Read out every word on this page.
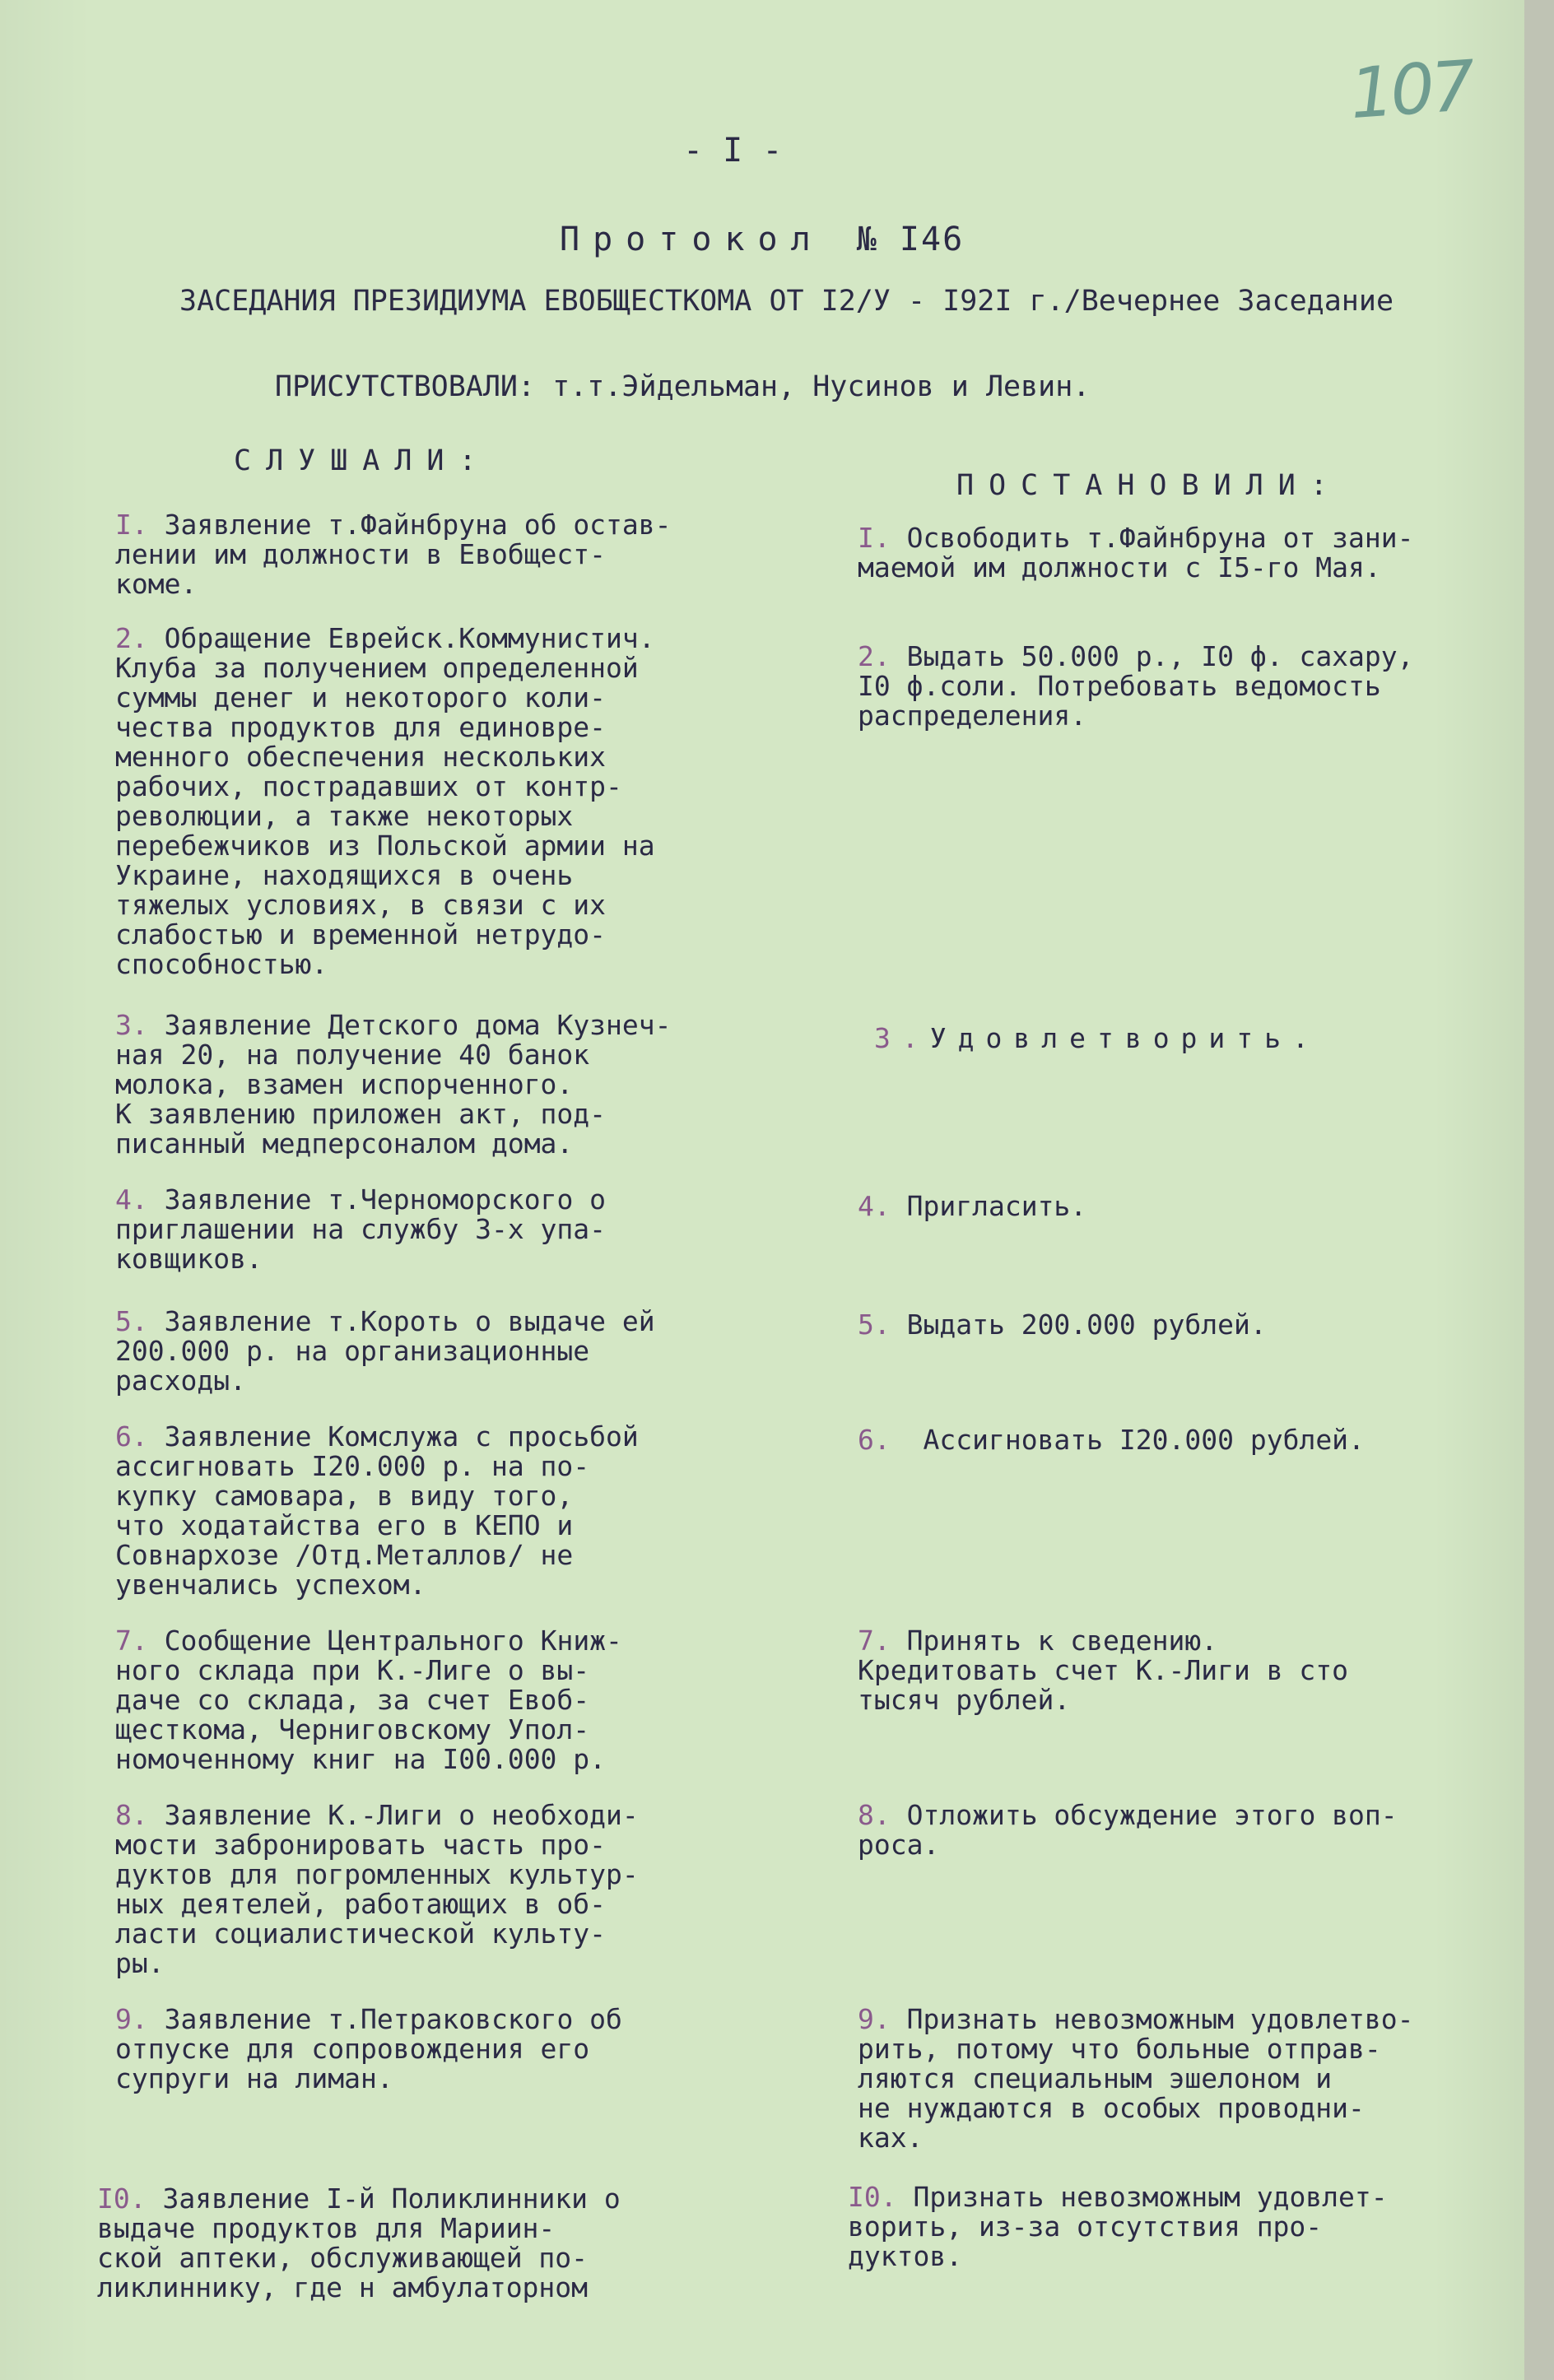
107
- I -
Протокол № I46
ЗАСЕДАНИЯ ПРЕЗИДИУМА ЕВОБЩЕСТКОМА ОТ I2/У - I92I г./Вечернее Заседание
ПРИСУТСТВОВАЛИ: т.т.Эйдельман, Нусинов и Левин.
СЛУШАЛИ:
ПОСТАНОВИЛИ:
I. Заявление т.Файнбруна об остав-
лении им должности в Евобщест-
коме.
I. Освободить т.Файнбруна от зани-
маемой им должности с I5-го Мая.
2. Обращение Еврейск.Коммунистич.
Клуба за получением определенной
суммы денег и некоторого коли-
чества продуктов для единовре-
менного обеспечения нескольких
рабочих, пострадавших от контр-
революции, а также некоторых
перебежчиков из Польской армии на
Украине, находящихся в очень
тяжелых условиях, в связи с их
слабостью и временной нетрудо-
способностью.
2. Выдать 50.000 р., I0 ф. сахару,
I0 ф.соли. Потребовать ведомость
распределения.
3. Заявление Детского дома Кузнеч-
ная 20, на получение 40 банок
молока, взамен испорченного.
К заявлению приложен акт, под-
писанный медперсоналом дома.
3.Удовлетворить.
4. Заявление т.Черноморского о
приглашении на службу 3-х упа-
ковщиков.
4. Пригласить.
5. Заявление т.Короть о выдаче ей
200.000 р. на организационные
расходы.
5. Выдать 200.000 рублей.
6. Заявление Комслужа с просьбой
ассигновать I20.000 р. на по-
купку самовара, в виду того,
что ходатайства его в КЕПО и
Совнархозе /Отд.Металлов/ не
увенчались успехом.
6.  Ассигновать I20.000 рублей.
7. Сообщение Центрального Книж-
ного склада при К.-Лиге о вы-
даче со склада, за счет Евоб-
щесткома, Черниговскому Упол-
номоченному книг на I00.000 р.
7. Принять к сведению.
Кредитовать счет К.-Лиги в сто
тысяч рублей.
8. Заявление К.-Лиги о необходи-
мости забронировать часть про-
дуктов для погромленных культур-
ных деятелей, работающих в об-
ласти социалистической культу-
ры.
8. Отложить обсуждение этого воп-
роса.
9. Заявление т.Петраковского об
отпуске для сопровождения его
супруги на лиман.
9. Признать невозможным удовлетво-
рить, потому что больные отправ-
ляются специальным эшелоном и
не нуждаются в особых проводни-
ках.
I0. Заявление I-й Поликлинники о
выдаче продуктов для Мариин-
ской аптеки, обслуживающей по-
ликлиннику, где н амбулаторном
I0. Признать невозможным удовлет-
ворить, из-за отсутствия про-
дуктов.
